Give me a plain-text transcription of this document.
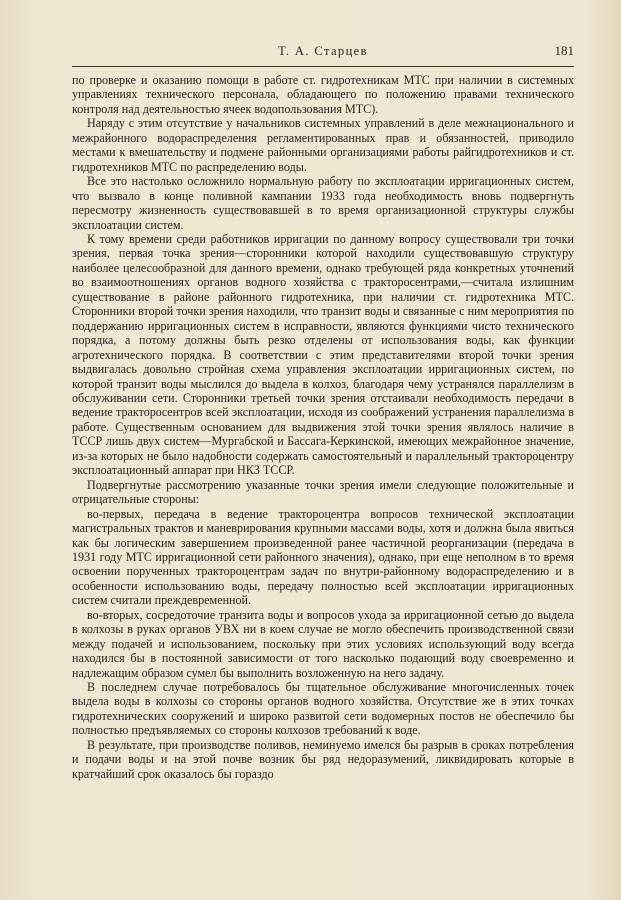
Т. А. Старцев	181

по проверке и оказанию помощи в работе ст. гидротехникам МТС при наличии в системных управлениях технического персонала, обладающего по положению правами технического контроля над деятельностью ячеек водопользования МТС).

Наряду с этим отсутствие у начальников системных управлений в деле межнационального и межрайонного водораспределения регламентированных прав и обязанностей, приводило местами к вмешательству и подмене районными организациями работы райгидротехников и ст. гидротехников МТС по распределению воды.

Все это настолько осложнило нормальную работу по эксплоатации ирригационных систем, что вызвало в конце поливной кампании 1933 года необходимость вновь подвергнуть пересмотру жизненность существовавшей в то время организационной структуры службы эксплоатации систем.

К тому времени среди работников ирригации по данному вопросу существовали три точки зрения, первая точка зрения—сторонники которой находили существовавшую структуру наиболее целесообразной для данного времени, однако требующей ряда конкретных уточнений во взаимоотношениях органов водного хозяйства с тракторocентрами,—считала излишним существование в районе районного гидротехника, при наличии ст. гидротехника МТС. Сторонники второй точки зрения находили, что транзит воды и связанные с ним мероприятия по поддержанию ирригационных систем в исправности, являются функциями чисто технического порядка, а потому должны быть резко отделены от использования воды, как функции агротехнического порядка. В соответствии с этим представителями второй точки зрения выдвигалась довольно стройная схема управления эксплоатации ирригационных систем, по которой транзит воды мыслился до выдела в колхоз, благодаря чему устранялся параллелизм в обслуживании сети. Сторонники третьей точки зрения отстаивали необходимость передачи в ведение тракторocентров всей эксплоатации, исходя из соображений устранения параллелизма в работе. Существенным основанием для выдвижения этой точки зрения являлось наличие в ТССР лишь двух систем—Мургабской и Бассага-Керкинской, имеющих межрайонное значение, из-за которых не было надобности содержать самостоятельный и параллельный трактороцентру эксплоатационный аппарат при НКЗ ТССР.

Подвергнутые рассмотрению указанные точки зрения имели следующие положительные и отрицательные стороны:

во-первых, передача в ведение трактороцентра вопросов технической эксплоатации магистральных трактов и маневрирования крупными массами воды, хотя и должна была явиться как бы логическим завершением произведенной ранее частичной реорганизации (передача в 1931 году МТС ирригационной сети районного значения), однако, при еще неполном в то время освоении порученных трактороцентрам задач по внутри-районному водораспределению и в особенности использованию воды, передачу полностью всей эксплоатации ирригационных систем считали преждевременной.

во-вторых, сосредоточие транзита воды и вопросов ухода за ирригационной сетью до выдела в колхозы в руках органов УВХ ни в коем случае не могло обеспечить производственной связи между подачей и использованием, поскольку при этих условиях использующий воду всегда находился бы в постоянной зависимости от того насколько подающий воду своевременно и надлежащим образом сумел бы выполнить возложенную на него задачу.

В последнем случае потребовалось бы тщательное обслуживание многочисленных точек выдела воды в колхозы со стороны органов водного хозяйства. Отсутствие же в этих точках гидротехнических сооружений и широко развитой сети водомерных постов не обеспечило бы полностью предъявляемых со стороны колхозов требований к воде.

В результате, при производстве поливов, неминуемо имелся бы разрыв в сроках потребления и подачи воды и на этой почве возник бы ряд недоразумений, ликвидировать которые в кратчайший срок оказалось бы гораздо
